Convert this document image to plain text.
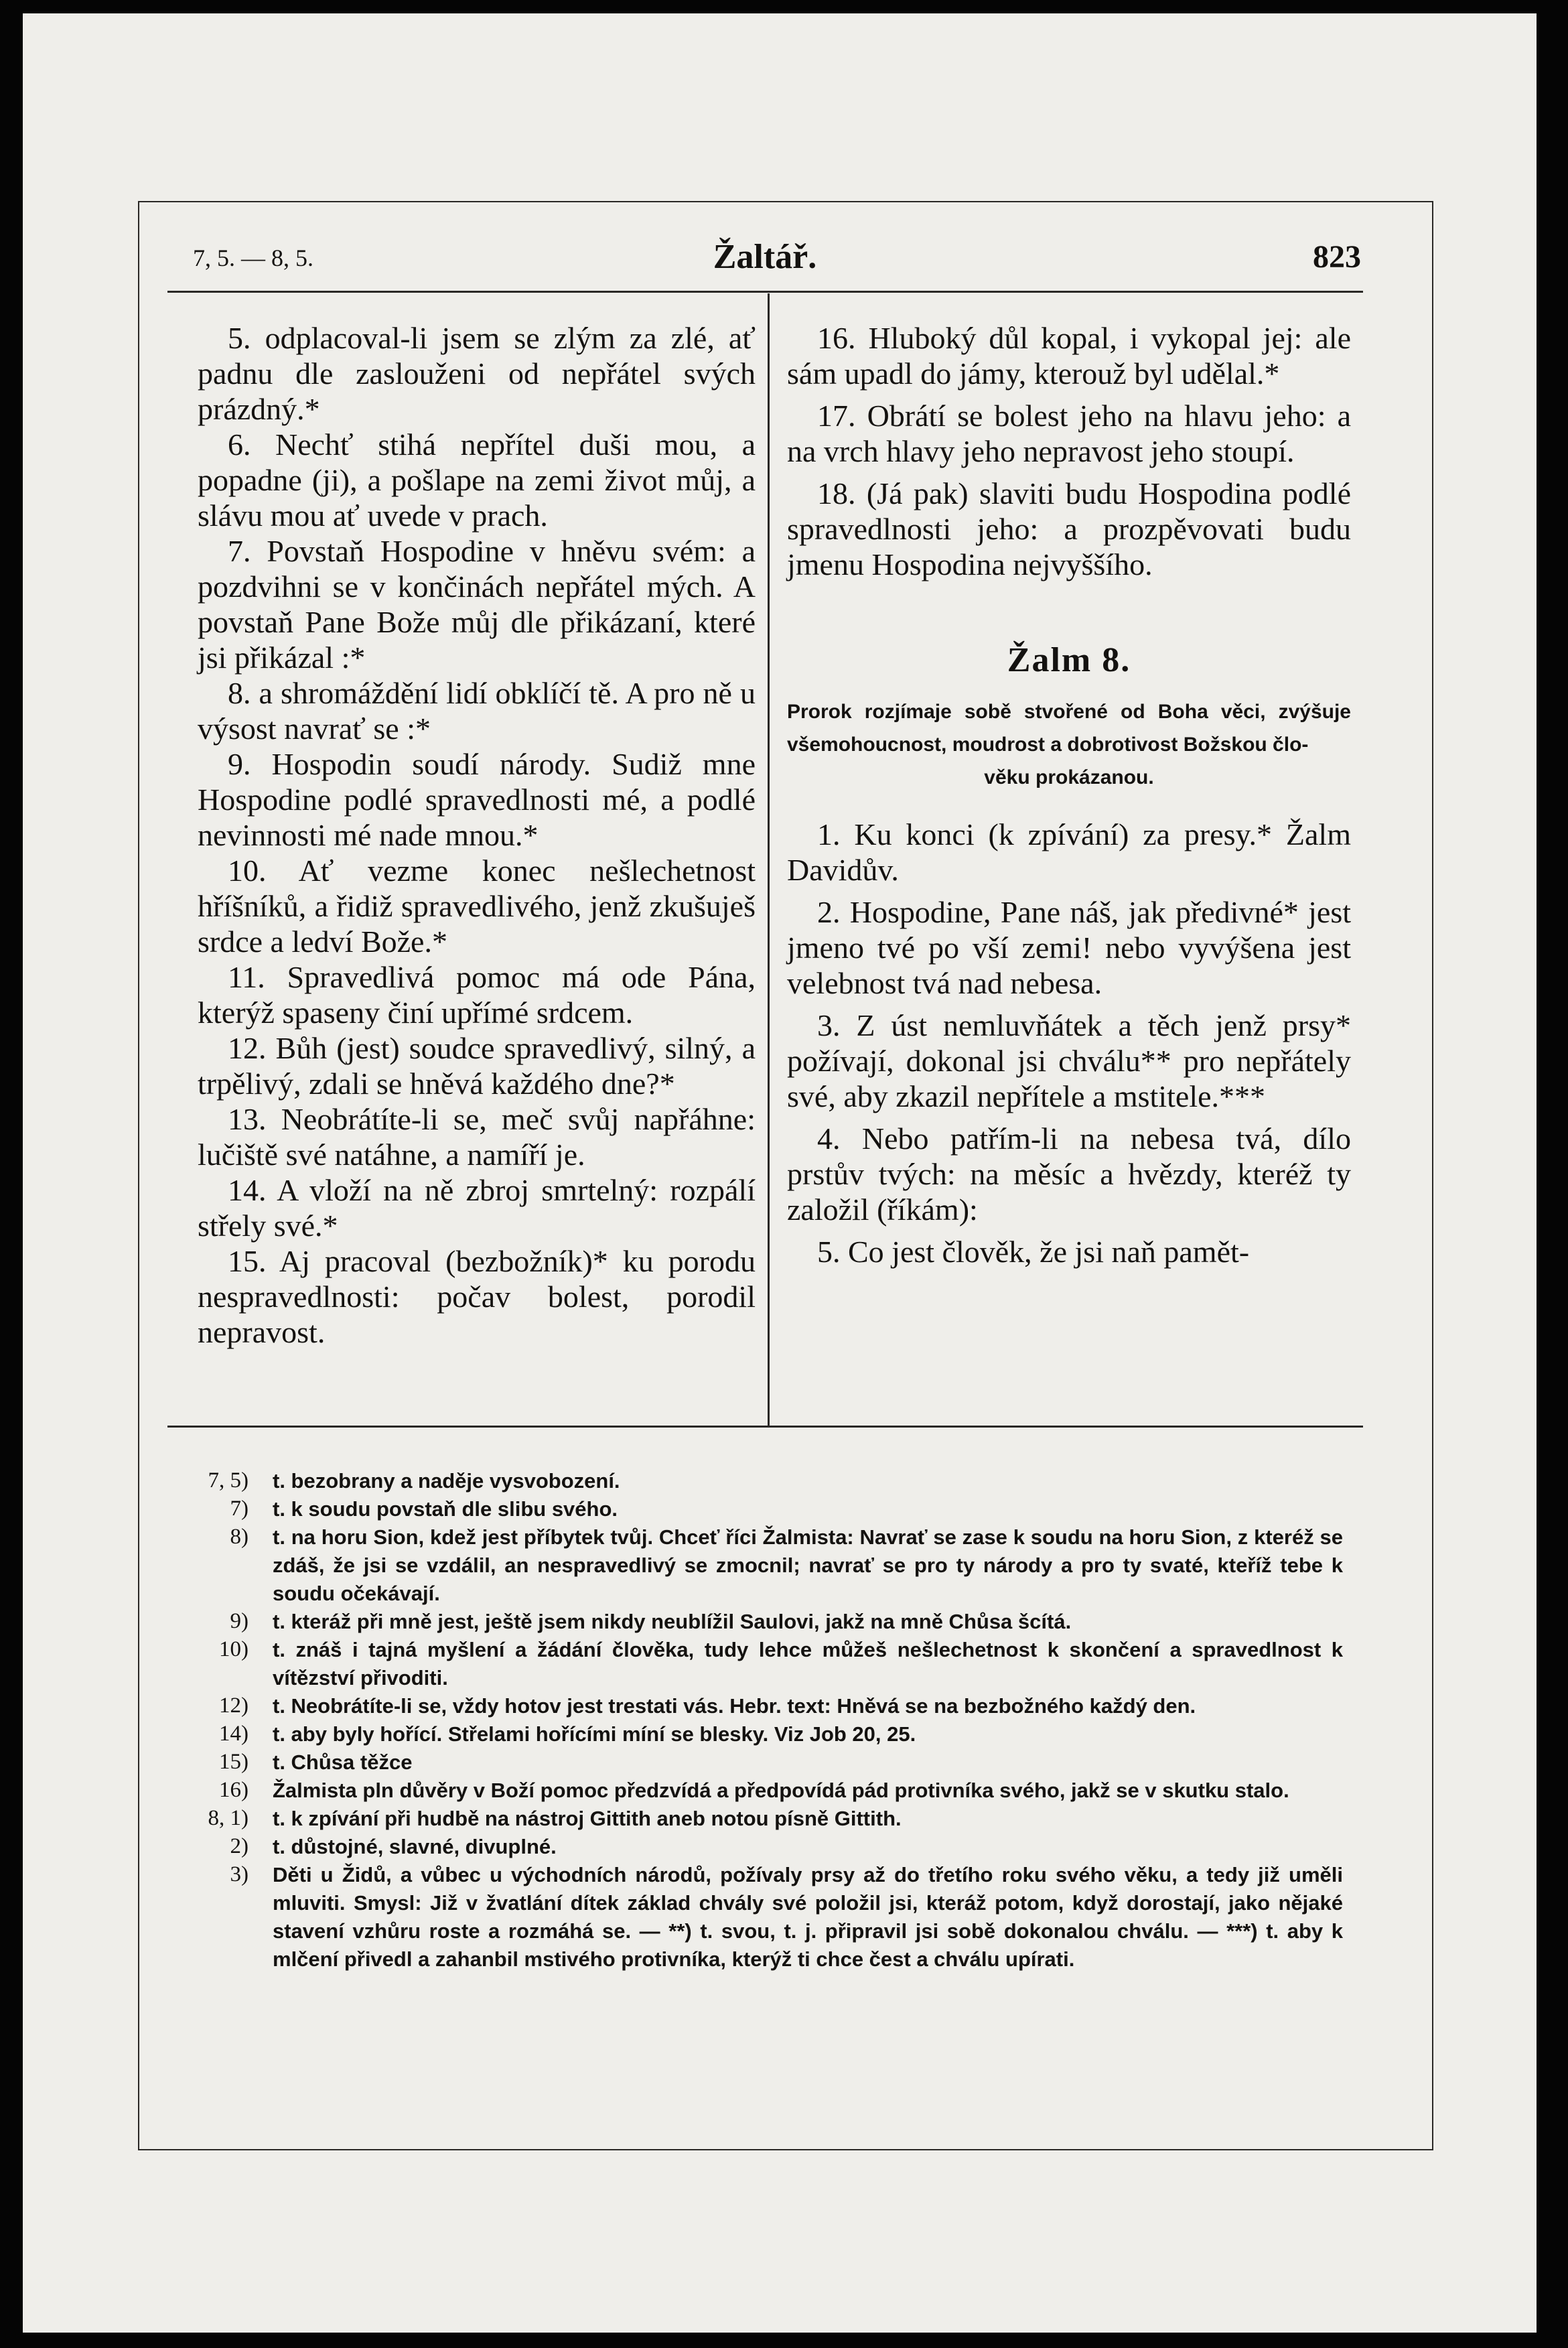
7, 5. — 8, 5.	Žaltář.	823

5. odplacoval-li jsem se zlým za zlé, ať padnu dle zaslouženi od nepřátel svých prázdný.*

6. Nechť stihá nepřítel duši mou, a popadne (ji), a pošlape na zemi život můj, a slávu mou ať uvede v prach.

7. Povstaň Hospodine v hněvu svém: a pozdvihni se v končinách nepřátel mých. A povstaň Pane Bože můj dle přikázaní, které jsi přikázal :*

8. a shromáždění lidí obklíčí tě. A pro ně u výsost navrať se :*

9. Hospodin soudí národy. Sudiž mne Hospodine podlé spravedlnosti mé, a podlé nevinnosti mé nade mnou.*

10. Ať vezme konec nešlechetnost hříšníků, a řidiž spravedlivého, jenž zkušuješ srdce a ledví Bože.*

11. Spravedlivá pomoc má ode Pána, kterýž spaseny činí upřímé srdcem.

12. Bůh (jest) soudce spravedlivý, silný, a trpělivý, zdali se hněvá každého dne?*

13. Neobrátíte-li se, meč svůj napřáhne: lučiště své natáhne, a namíří je.

14. A vloží na ně zbroj smrtelný: rozpálí střely své.*

15. Aj pracoval (bezbožník)* ku porodu nespravedlnosti: počav bolest, porodil nepravost.

16. Hluboký důl kopal, i vykopal jej: ale sám upadl do jámy, kterouž byl udělal.*

17. Obrátí se bolest jeho na hlavu jeho: a na vrch hlavy jeho nepravost jeho stoupí.

18. (Já pak) slaviti budu Hospodina podlé spravedlnosti jeho: a prozpěvovati budu jmenu Hospodina nejvyššího.

Žalm 8.

Prorok rozjímaje sobě stvořené od Boha věci, zvýšuje všemohoucnost, moudrost a dobrotivost Božskou člo-
věku prokázanou.

1. Ku konci (k zpívání) za presy.* Žalm Davidův.

2. Hospodine, Pane náš, jak předivné* jest jmeno tvé po vší zemi! nebo vyvýšena jest velebnost tvá nad nebesa.

3. Z úst nemluvňátek a těch jenž prsy* požívají, dokonal jsi chválu** pro nepřátely své, aby zkazil nepřítele a mstitele.***

4. Nebo patřím-li na nebesa tvá, dílo prstův tvých: na měsíc a hvězdy, kteréž ty založil (říkám):

5. Co jest člověk, že jsi naň pamět-

7, 5) t. bezobrany a naděje vysvobození.

7) t. k soudu povstaň dle slibu svého.

8) t. na horu Sion, kdež jest příbytek tvůj. Chceť říci Žalmista: Navrať se zase k soudu na horu Sion, z kteréž se zdáš, že jsi se vzdálil, an nespravedlivý se zmocnil; navrať se pro ty národy a pro ty svaté, kteříž tebe k soudu očekávají.

9) t. kteráž při mně jest, ještě jsem nikdy neublížil Saulovi, jakž na mně Chůsa šcítá.

10) t. znáš i tajná myšlení a žádání člověka, tudy lehce můžeš nešlechetnost k skončení a spravedlnost k vítězství přivoditi.

12) t. Neobrátíte-li se, vždy hotov jest trestati vás. Hebr. text: Hněvá se na bezbožného každý den.

14) t. aby byly hořící. Střelami hořícími míní se blesky. Viz Job 20, 25.

15) t. Chůsa těžce

16) Žalmista pln důvěry v Boží pomoc předzvídá a předpovídá pád protivníka svého, jakž se v skutku stalo.

8, 1) t. k zpívání při hudbě na nástroj Gittith aneb notou písně Gittith.

2) t. důstojné, slavné, divuplné.

3) Děti u Židů, a vůbec u východních národů, požívaly prsy až do třetího roku svého věku, a tedy již uměli mluviti. Smysl: Již v žvatlání dítek základ chvály své položil jsi, kteráž potom, když dorostají, jako nějaké stavení vzhůru roste a rozmáhá se. — **) t. svou, t. j. připravil jsi sobě dokonalou chválu. — ***) t. aby k mlčení přivedl a zahanbil mstivého protivníka, kterýž ti chce čest a chválu upírati.
